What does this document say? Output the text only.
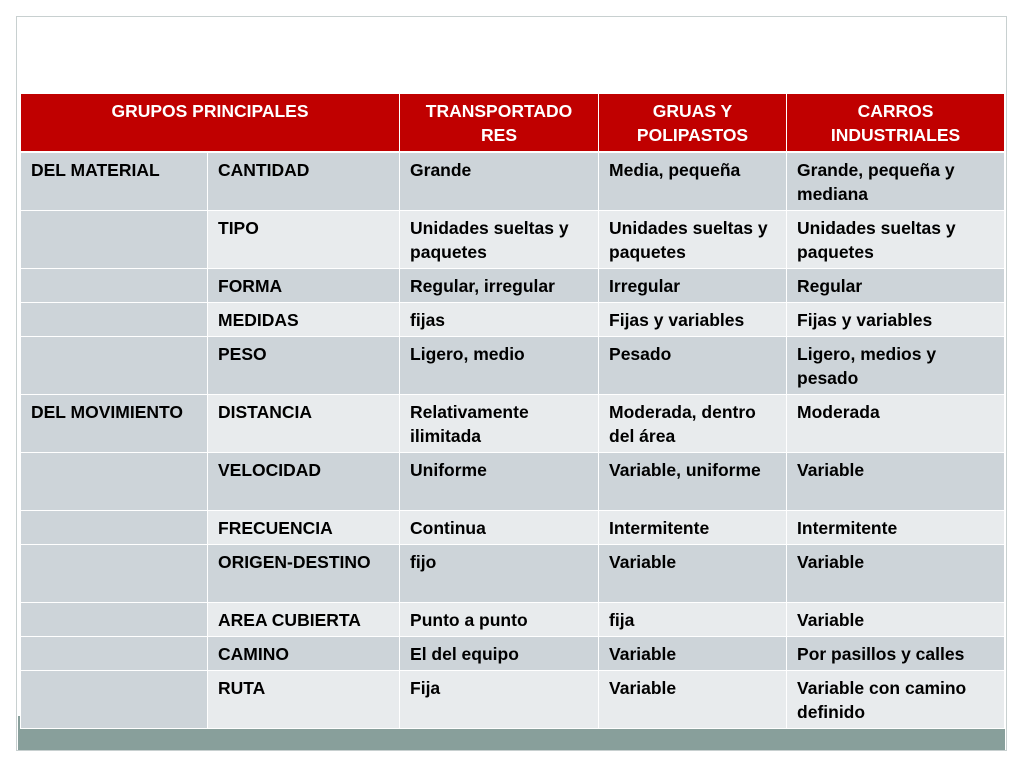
GRUPOS PRINCIPALES		TRANSPORTADO RES	GRUAS Y POLIPASTOS	CARROS INDUSTRIALES
DEL MATERIAL	CANTIDAD	Grande	Media, pequeña	Grande, pequeña y mediana
	TIPO	Unidades sueltas y paquetes	Unidades sueltas y paquetes	Unidades sueltas y paquetes
	FORMA	Regular, irregular	Irregular	Regular
	MEDIDAS	fijas	Fijas y variables	Fijas y variables
	PESO	Ligero, medio	Pesado	Ligero, medios y pesado
DEL MOVIMIENTO	DISTANCIA	Relativamente ilimitada	Moderada, dentro del área	Moderada
	VELOCIDAD	Uniforme	Variable, uniforme	Variable
	FRECUENCIA	Continua	Intermitente	Intermitente
	ORIGEN-DESTINO	fijo	Variable	Variable
	AREA CUBIERTA	Punto a punto	fija	Variable
	CAMINO	El del equipo	Variable	Por pasillos y calles
	RUTA	Fija	Variable	Variable con camino definido
